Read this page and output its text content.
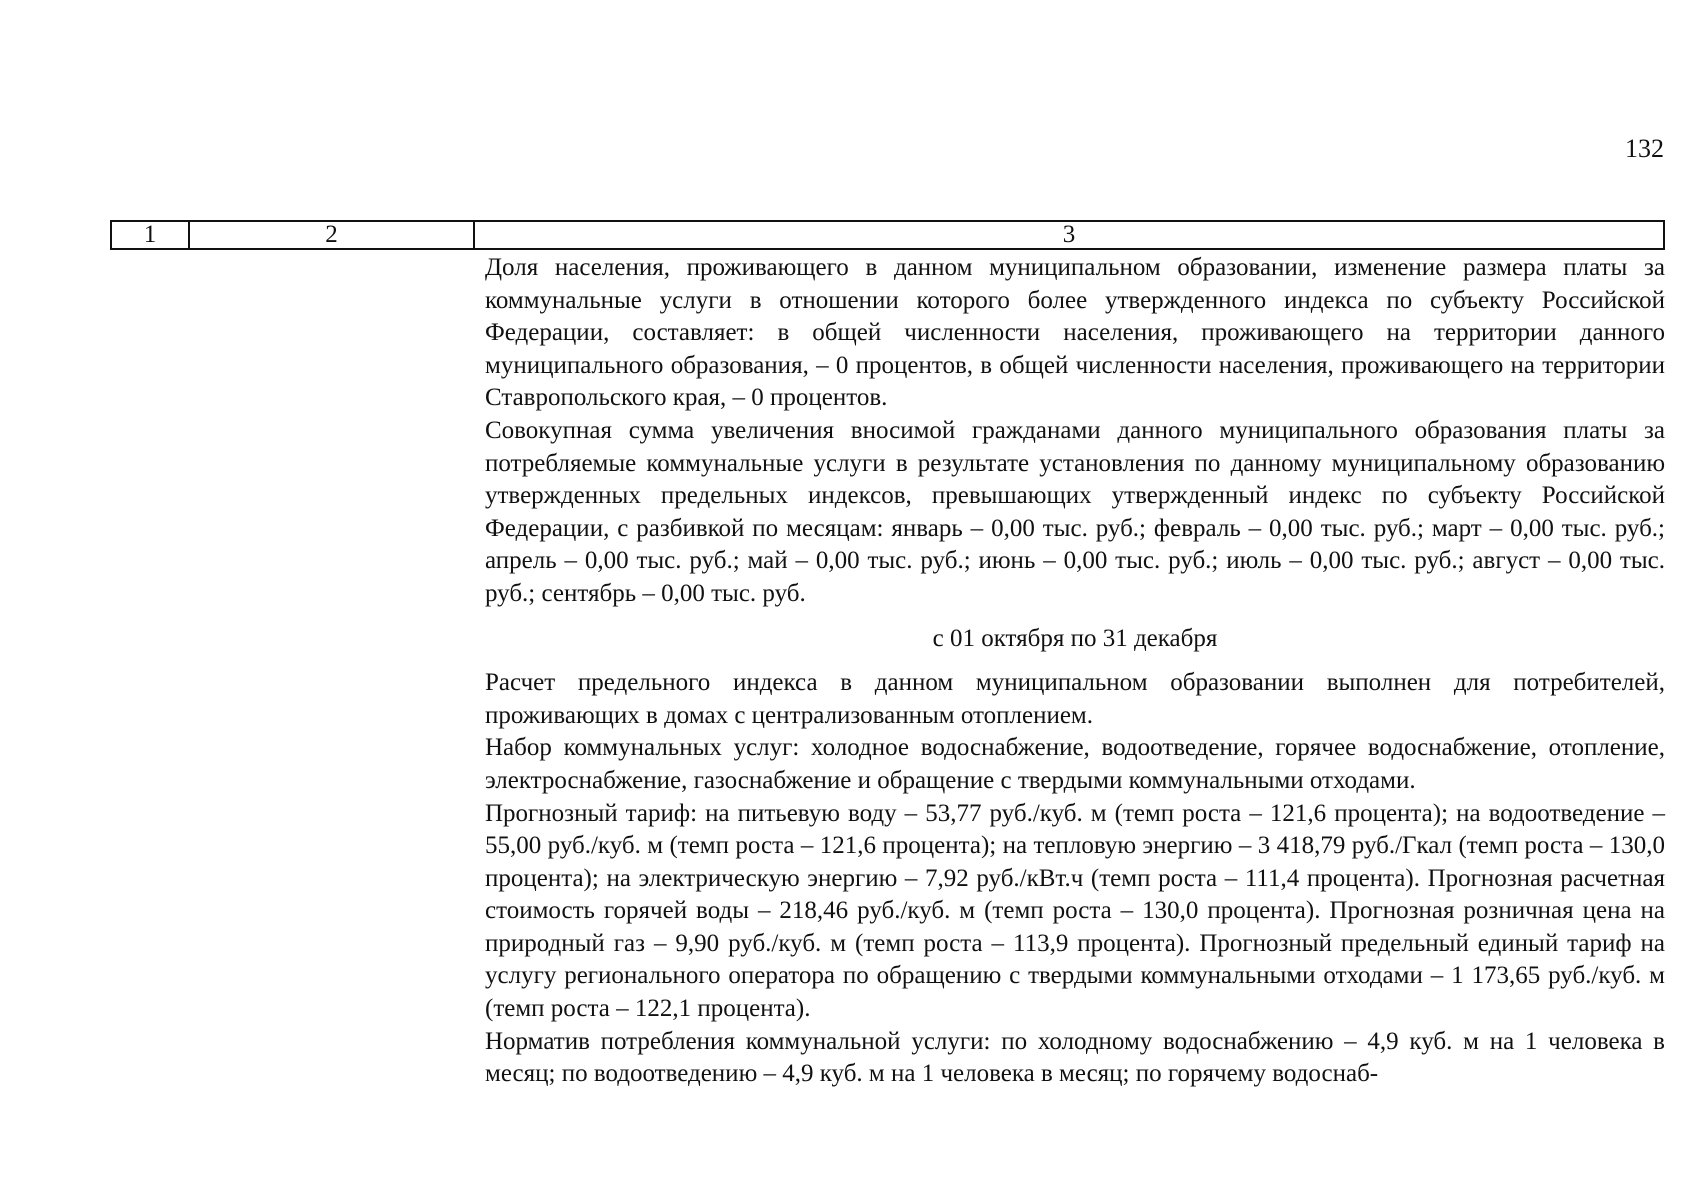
132
1	2	3

Доля населения, проживающего в данном муниципальном образовании, изменение размера платы за коммунальные услуги в отношении которого более утвержденного индекса по субъекту Российской Федерации, составляет: в общей численности населения, проживающего на территории данного муниципального образования, – 0 процентов, в общей численности населения, проживающего на территории Ставропольского края, – 0 процентов.

Совокупная сумма увеличения вносимой гражданами данного муниципального образования платы за потребляемые коммунальные услуги в результате установления по данному муниципальному образованию утвержденных предельных индексов, превышающих утвержденный индекс по субъекту Российской Федерации, с разбивкой по месяцам: январь – 0,00 тыс. руб.; февраль – 0,00 тыс. руб.; март – 0,00 тыс. руб.; апрель – 0,00 тыс. руб.; май – 0,00 тыс. руб.; июнь – 0,00 тыс. руб.; июль – 0,00 тыс. руб.; август – 0,00 тыс. руб.; сентябрь – 0,00 тыс. руб.

с 01 октября по 31 декабря

Расчет предельного индекса в данном муниципальном образовании выполнен для потребителей, проживающих в домах с централизованным отоплением.

Набор коммунальных услуг: холодное водоснабжение, водоотведение, горячее водоснабжение, отопление, электроснабжение, газоснабжение и обращение с твердыми коммунальными отходами.

Прогнозный тариф: на питьевую воду – 53,77 руб./куб. м (темп роста – 121,6 процента); на водоотведение – 55,00 руб./куб. м (темп роста – 121,6 процента); на тепловую энергию – 3 418,79 руб./Гкал (темп роста – 130,0 процента); на электрическую энергию – 7,92 руб./кВт.ч (темп роста – 111,4 процента). Прогнозная расчетная стоимость горячей воды – 218,46 руб./куб. м (темп роста – 130,0 процента). Прогнозная розничная цена на природный газ – 9,90 руб./куб. м (темп роста – 113,9 процента). Прогнозный предельный единый тариф на услугу регионального оператора по обращению с твердыми коммунальными отходами – 1 173,65 руб./куб. м (темп роста – 122,1 процента).

Норматив потребления коммунальной услуги: по холодному водоснабжению – 4,9 куб. м на 1 человека в месяц; по водоотведению – 4,9 куб. м на 1 человека в месяц; по горячему водоснаб-
